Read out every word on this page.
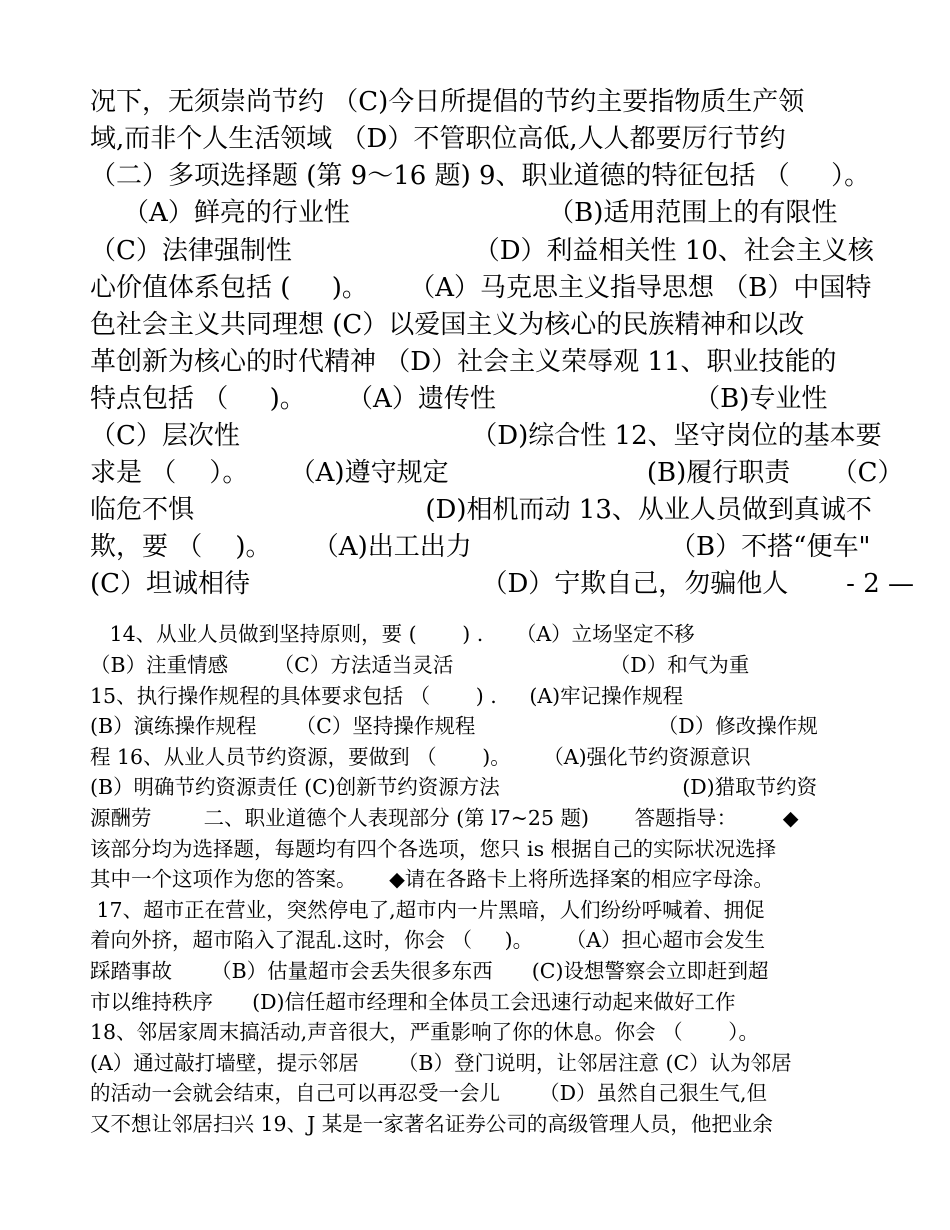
况下，无须崇尚节约 （C)今日所提倡的节约主要指物质生产领
域,而非个人生活领域 （D）不管职位高低,人人都要厉行节约
（二）多项选择题 (第 9～16 题) 9、职业道德的特征包括 （     ）。
（A）鲜亮的行业性                        （B)适用范围上的有限性
（C）法律强制性                      （D）利益相关性 10、社会主义核
心价值体系包括 (     )。     （A）马克思主义指导思想 （B）中国特
色社会主义共同理想 (C）以爱国主义为核心的民族精神和以改
革创新为核心的时代精神 （D）社会主义荣辱观 11、职业技能的
特点包括 （     )。     （A）遗传性                        （B)专业性
（C）层次性                            （D)综合性 12、坚守岗位的基本要
求是 （    ）。     （A)遵守规定                        (B)履行职责     （C）
临危不惧                            (D)相机而动 13、从业人员做到真诚不
欺，要 （    )。     （A)出工出力                        （B）不搭“便车"
(C）坦诚相待                            （D）宁欺自己，勿骗他人       - 2 —
14、从业人员做到坚持原则，要 (       ) .     （A）立场坚定不移
（B）注重情感       （C）方法适当灵活                        （D）和气为重
15、执行操作规程的具体要求包括 （       ) .     (A)牢记操作规程
(B）演练操作规程      （C）坚持操作规程                            （D）修改操作规
程 16、从业人员节约资源，要做到 （       )。     （A)强化节约资源意识
(B）明确节约资源责任 (C)创新节约资源方法                            (D)猎取节约资
源酬劳        二、职业道德个人表现部分 (第 l7~25 题)       答题指导：       ◆
该部分均为选择题，每题均有四个各选项，您只 is 根据自己的实际状况选择
其中一个这项作为您的答案。     ◆请在各路卡上将所选择案的相应字母涂。
17、超市正在营业，突然停电了,超市内一片黑暗，人们纷纷呼喊着、拥促
着向外挤，超市陷入了混乱.这时，你会 （     )。     （A）担心超市会发生
踩踏事故      （B）估量超市会丢失很多东西      (C)设想警察会立即赶到超
市以维持秩序      (D)信任超市经理和全体员工会迅速行动起来做好工作
18、邻居家周末搞活动,声音很大，严重影响了你的休息。你会 （       ）。
(A）通过敲打墙壁，提示邻居      （B）登门说明，让邻居注意 (C）认为邻居
的活动一会就会结束，自己可以再忍受一会儿      （D）虽然自己狠生气,但
又不想让邻居扫兴 19、J 某是一家著名证券公司的高级管理人员，他把业余
